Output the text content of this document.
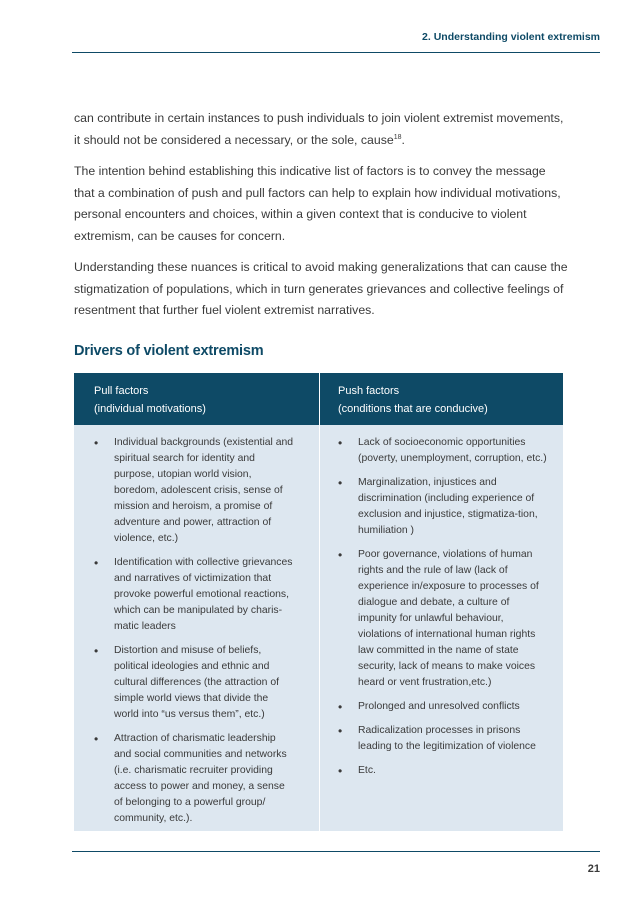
2. Understanding violent extremism

can contribute in certain instances to push individuals to join violent extremist movements, it should not be considered a necessary, or the sole, cause$^{18}$.

The intention behind establishing this indicative list of factors is to convey the message that a combination of push and pull factors can help to explain how individual motivations, personal encounters and choices, within a given context that is conducive to violent extremism, can be causes for concern.

Understanding these nuances is critical to avoid making generalizations that can cause the stigmatization of populations, which in turn generates grievances and collective feelings of resentment that further fuel violent extremist narratives.

Drivers of violent extremism
Pull factors
(individual motivations)
Push factors
(conditions that are conducive)
• Individual backgrounds (existential and spiritual search for identity and purpose, utopian world vision, boredom, adolescent crisis, sense of mission and heroism, a promise of adventure and power, attraction of violence, etc.)
• Identification with collective grievances and narratives of victimization that provoke powerful emotional reactions, which can be manipulated by charis-matic leaders
• Distortion and misuse of beliefs, political ideologies and ethnic and cultural differences (the attraction of simple world views that divide the world into “us versus them”, etc.)
• Attraction of charismatic leadership and social communities and networks (i.e. charismatic recruiter providing access to power and money, a sense of belonging to a powerful group/ community, etc.).
• Lack of socioeconomic opportunities (poverty, unemployment, corruption, etc.)
• Marginalization, injustices and discrimination (including experience of exclusion and injustice, stigmatiza-tion, humiliation )
• Poor governance, violations of human rights and the rule of law (lack of experience in/exposure to processes of dialogue and debate, a culture of impunity for unlawful behaviour, violations of international human rights law committed in the name of state security, lack of means to make voices heard or vent frustration,etc.)
• Prolonged and unresolved conflicts
• Radicalization processes in prisons leading to the legitimization of violence
• Etc.
21
